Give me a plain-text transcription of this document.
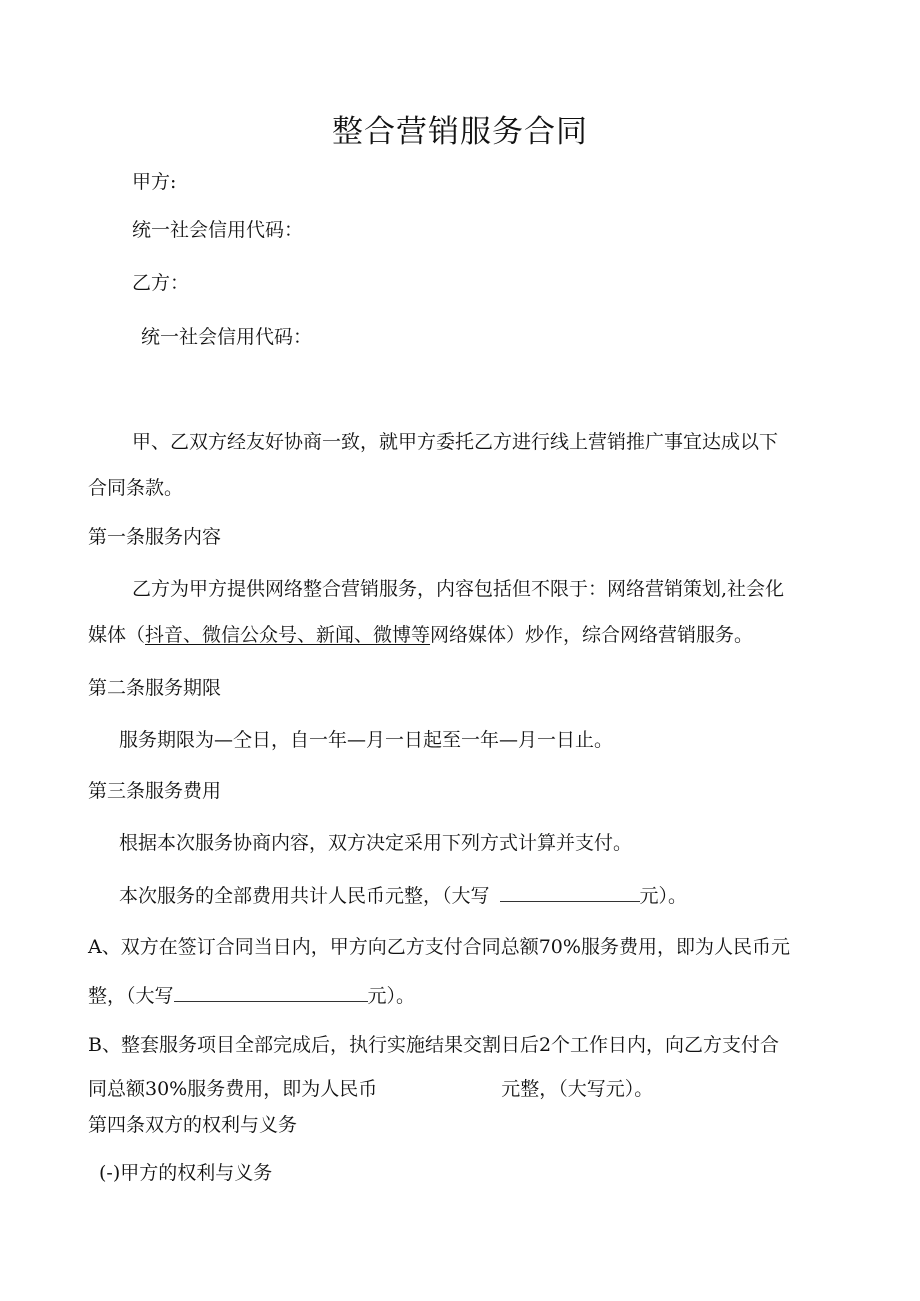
整合营销服务合同
甲方:
统一社会信用代码：
乙方：
统一社会信用代码：
甲、乙双方经友好协商一致，就甲方委托乙方进行线上营销推广事宜达成以下
合同条款。
第一条服务内容
乙方为甲方提供网络整合营销服务，内容包括但不限于：网络营销策划,社会化
媒体（抖音、微信公众号、新闻、微博等网络媒体）炒作，综合网络营销服务。
第二条服务期限
服务期限为—仝日，自一年—月一日起至一年—月一日止。
第三条服务费用
根据本次服务协商内容，双方决定采用下列方式计算并支付。
本次服务的全部费用共计人民币元整，（大写	元）。
A、双方在签订合同当日内，甲方向乙方支付合同总额70%服务费用，即为人民币元
整，（大写	元）。
B、整套服务项目全部完成后，执行实施结果交割日后2个工作日内，向乙方支付合
同总额30%服务费用，即为人民币	元整，（大写元）。
第四条双方的权利与义务
(-)甲方的权利与义务
